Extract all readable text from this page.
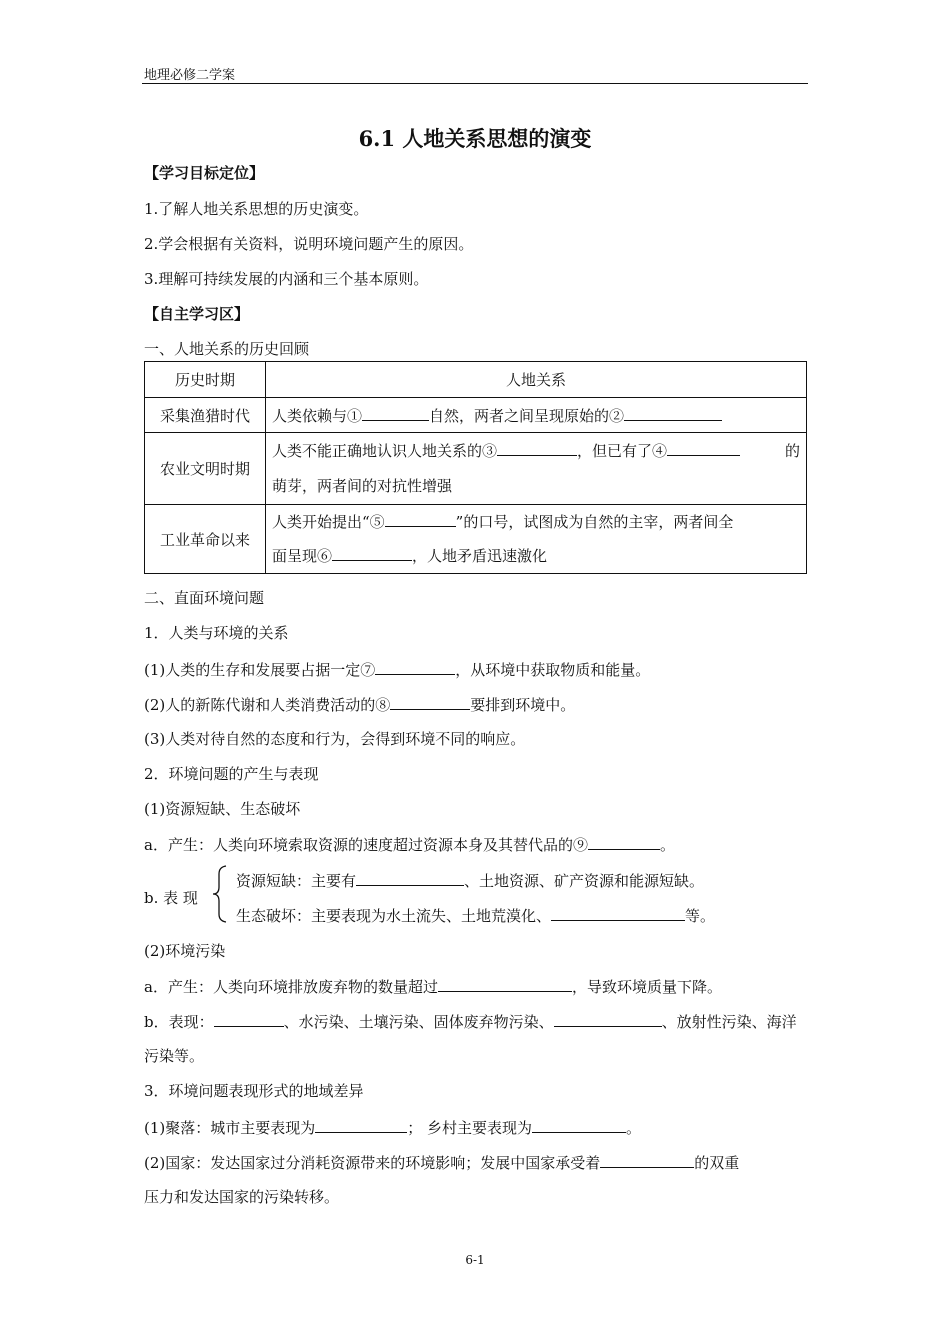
地理必修二学案
6.1 人地关系思想的演变
【学习目标定位】
1.了解人地关系思想的历史演变。
2.学会根据有关资料，说明环境问题产生的原因。
3.理解可持续发展的内涵和三个基本原则。
【自主学习区】
一、人地关系的历史回顾
历史时期	人地关系
采集渔猎时代	人类依赖与① 自然，两者之间呈现原始的②
农业文明时期	人类不能正确地认识人地关系的③ ，但已有了④ 的

萌芽，两者间的对抗性增强
工业革命以来	人类开始提出“⑤ ”的口号，试图成为自然的主宰，两者间全
面呈现⑥ ，人地矛盾迅速激化
二、直面环境问题
1．人类与环境的关系
(1)人类的生存和发展要占据一定⑦	，从环境中获取物质和能量。
(2)人的新陈代谢和人类消费活动的⑧	要排到环境中。
(3)人类对待自然的态度和行为，会得到环境不同的响应。
2．环境问题的产生与表现
(1)资源短缺、生态破坏
a．产生：人类向环境索取资源的速度超过资源本身及其替代品的⑨	。
b. 表 现
资源短缺：主要有	、土地资源、矿产资源和能源短缺。
生态破坏：主要表现为水土流失、土地荒漠化、	等。
(2)环境污染
a．产生：人类向环境排放废弃物的数量超过	，导致环境质量下降。
b．表现：	、水污染、土壤污染、固体废弃物污染、	、放射性污染、海洋
污染等。
3．环境问题表现形式的地域差异
(1)聚落：城市主要表现为	； 乡村主要表现为	。
(2)国家：发达国家过分消耗资源带来的环境影响；发展中国家承受着	的双重
压力和发达国家的污染转移。
6-1
